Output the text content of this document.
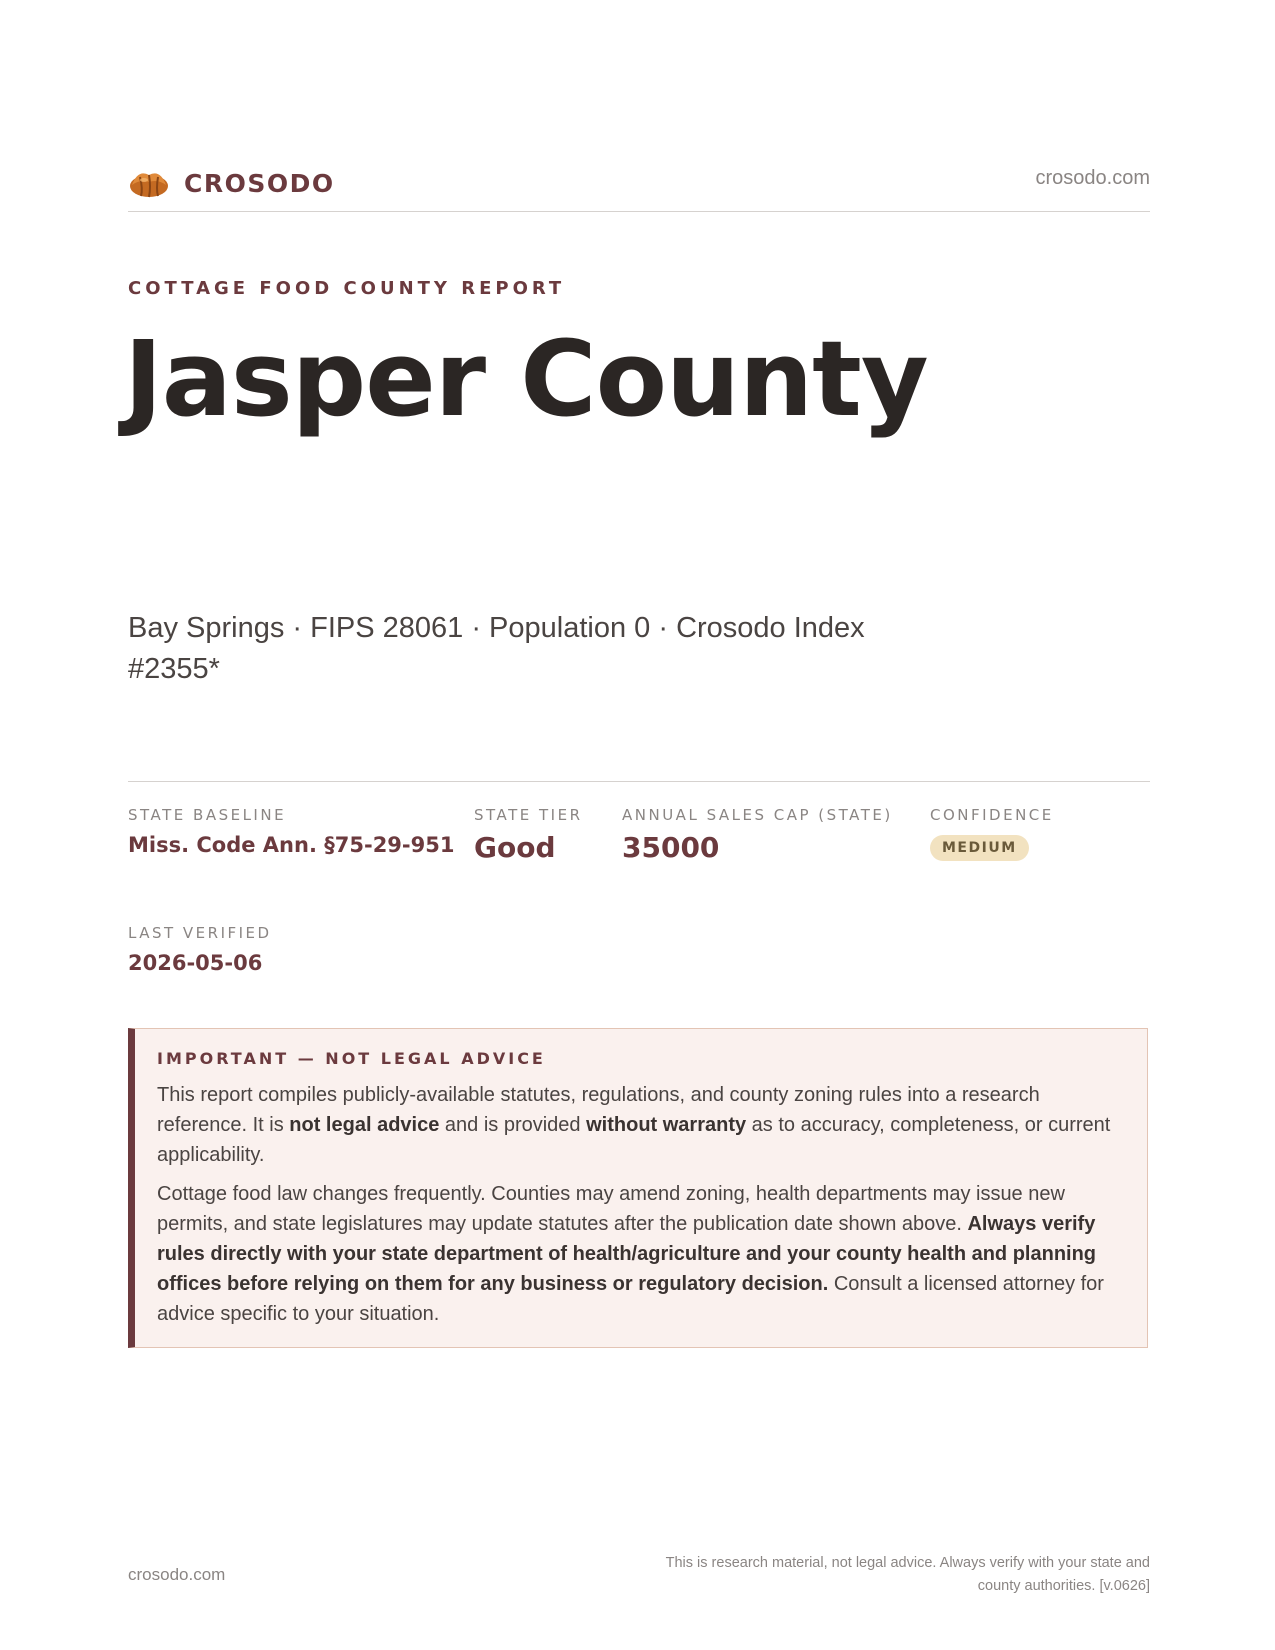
CROSODO	crosodo.com
COTTAGE FOOD COUNTY REPORT
Jasper County
Bay Springs · FIPS 28061 · Population 0 · Crosodo Index #2355*
STATE BASELINE
Miss. Code Ann. §75-29-951
STATE TIER
Good
ANNUAL SALES CAP (STATE)
35000
CONFIDENCE
MEDIUM
LAST VERIFIED
2026-05-06
IMPORTANT — NOT LEGAL ADVICE

This report compiles publicly-available statutes, regulations, and county zoning rules into a research reference. It is not legal advice and is provided without warranty as to accuracy, completeness, or current applicability.

Cottage food law changes frequently. Counties may amend zoning, health departments may issue new permits, and state legislatures may update statutes after the publication date shown above. Always verify rules directly with your state department of health/agriculture and your county health and planning offices before relying on them for any business or regulatory decision. Consult a licensed attorney for advice specific to your situation.

crosodo.com
This is research material, not legal advice. Always verify with your state and county authorities. [v.0626]
